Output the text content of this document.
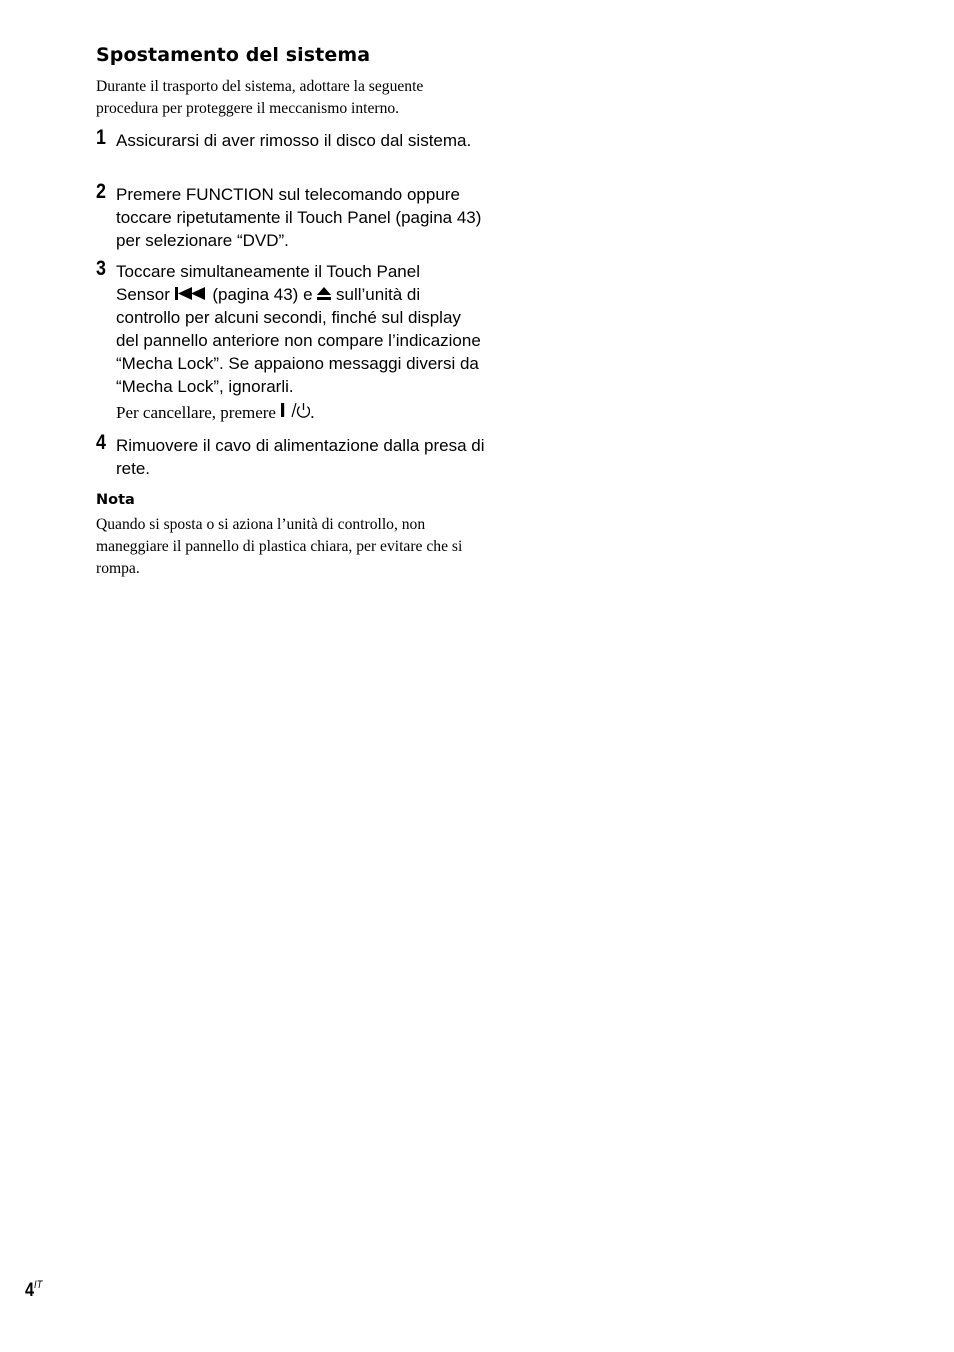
Spostamento del sistema
Durante il trasporto del sistema, adottare la seguente procedura per proteggere il meccanismo interno.
1 Assicurarsi di aver rimosso il disco dal sistema.
2 Premere FUNCTION sul telecomando oppure toccare ripetutamente il Touch Panel (pagina 43) per selezionare “DVD”.
3 Toccare simultaneamente il Touch Panel
Sensor (pagina 43) e sull’unità di controllo per alcuni secondi, finché sul display del pannello anteriore non compare l’indicazione “Mecha Lock”. Se appaiono messaggi diversi da “Mecha Lock”, ignorarli.
Per cancellare, premere .
4 Rimuovere il cavo di alimentazione dalla presa di rete.
Nota
Quando si sposta o si aziona l’unità di controllo, non maneggiare il pannello di plastica chiara, per evitare che si rompa.
$4^{IT}$
